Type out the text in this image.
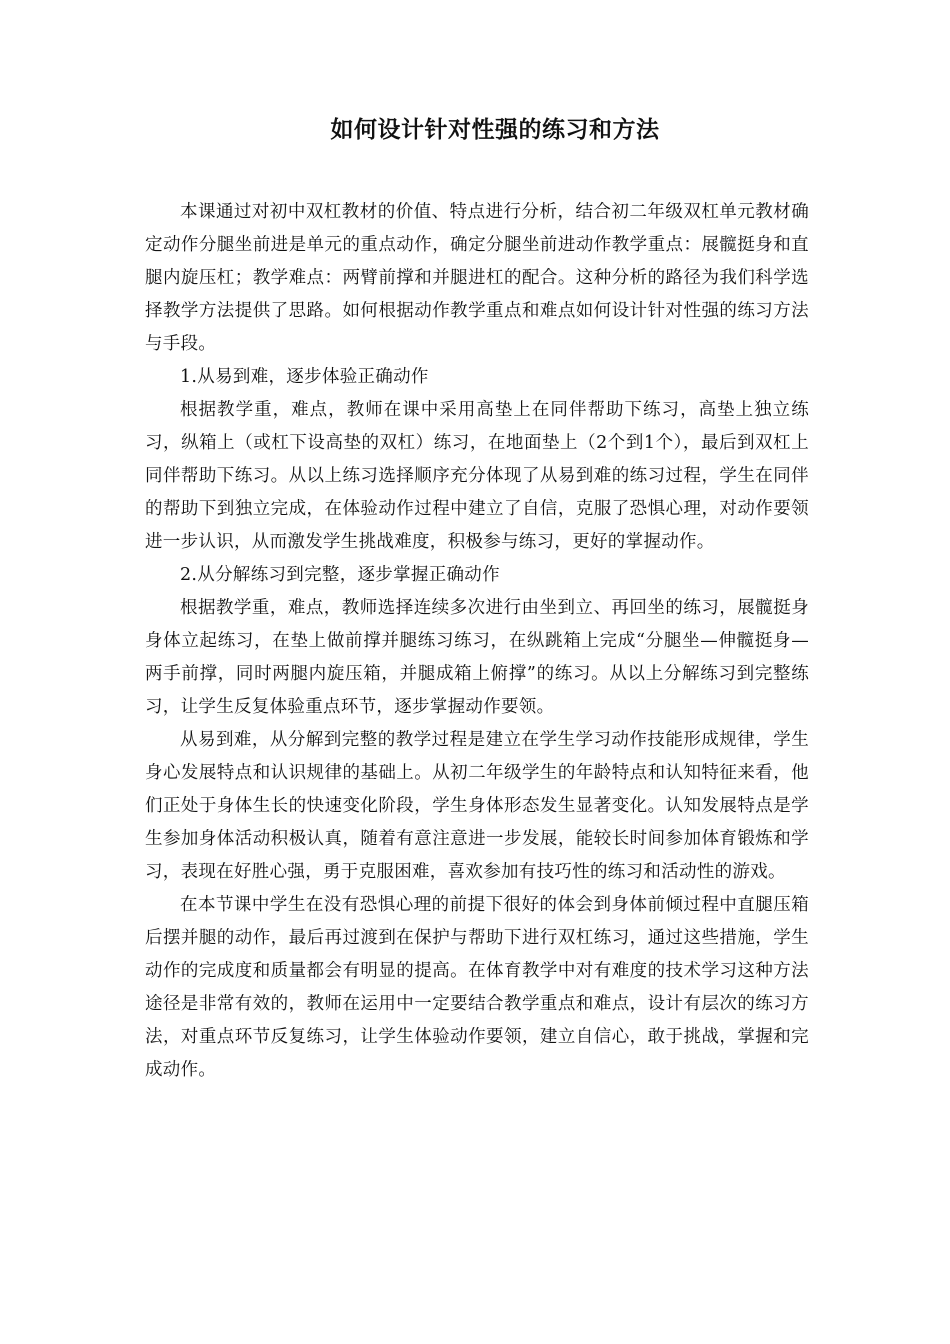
如何设计针对性强的练习和方法

本课通过对初中双杠教材的价值、特点进行分析，结合初二年级双杠单元教材确定动作分腿坐前进是单元的重点动作，确定分腿坐前进动作教学重点：展髋挺身和直腿内旋压杠；教学难点：两臂前撑和并腿进杠的配合。这种分析的路径为我们科学选择教学方法提供了思路。如何根据动作教学重点和难点如何设计针对性强的练习方法与手段。

1.从易到难，逐步体验正确动作

根据教学重，难点，教师在课中采用高垫上在同伴帮助下练习，高垫上独立练习，纵箱上（或杠下设高垫的双杠）练习，在地面垫上（2个到1个），最后到双杠上同伴帮助下练习。从以上练习选择顺序充分体现了从易到难的练习过程，学生在同伴的帮助下到独立完成，在体验动作过程中建立了自信，克服了恐惧心理，对动作要领进一步认识，从而激发学生挑战难度，积极参与练习，更好的掌握动作。

2.从分解练习到完整，逐步掌握正确动作

根据教学重，难点，教师选择连续多次进行由坐到立、再回坐的练习，展髋挺身身体立起练习，在垫上做前撑并腿练习练习，在纵跳箱上完成“分腿坐—伸髋挺身—两手前撑，同时两腿内旋压箱，并腿成箱上俯撑”的练习。从以上分解练习到完整练习，让学生反复体验重点环节，逐步掌握动作要领。

从易到难，从分解到完整的教学过程是建立在学生学习动作技能形成规律，学生身心发展特点和认识规律的基础上。从初二年级学生的年龄特点和认知特征来看，他们正处于身体生长的快速变化阶段，学生身体形态发生显著变化。认知发展特点是学生参加身体活动积极认真，随着有意注意进一步发展，能较长时间参加体育锻炼和学习，表现在好胜心强，勇于克服困难，喜欢参加有技巧性的练习和活动性的游戏。

在本节课中学生在没有恐惧心理的前提下很好的体会到身体前倾过程中直腿压箱后摆并腿的动作，最后再过渡到在保护与帮助下进行双杠练习，通过这些措施，学生动作的完成度和质量都会有明显的提高。在体育教学中对有难度的技术学习这种方法途径是非常有效的，教师在运用中一定要结合教学重点和难点，设计有层次的练习方法，对重点环节反复练习，让学生体验动作要领，建立自信心，敢于挑战，掌握和完成动作。
